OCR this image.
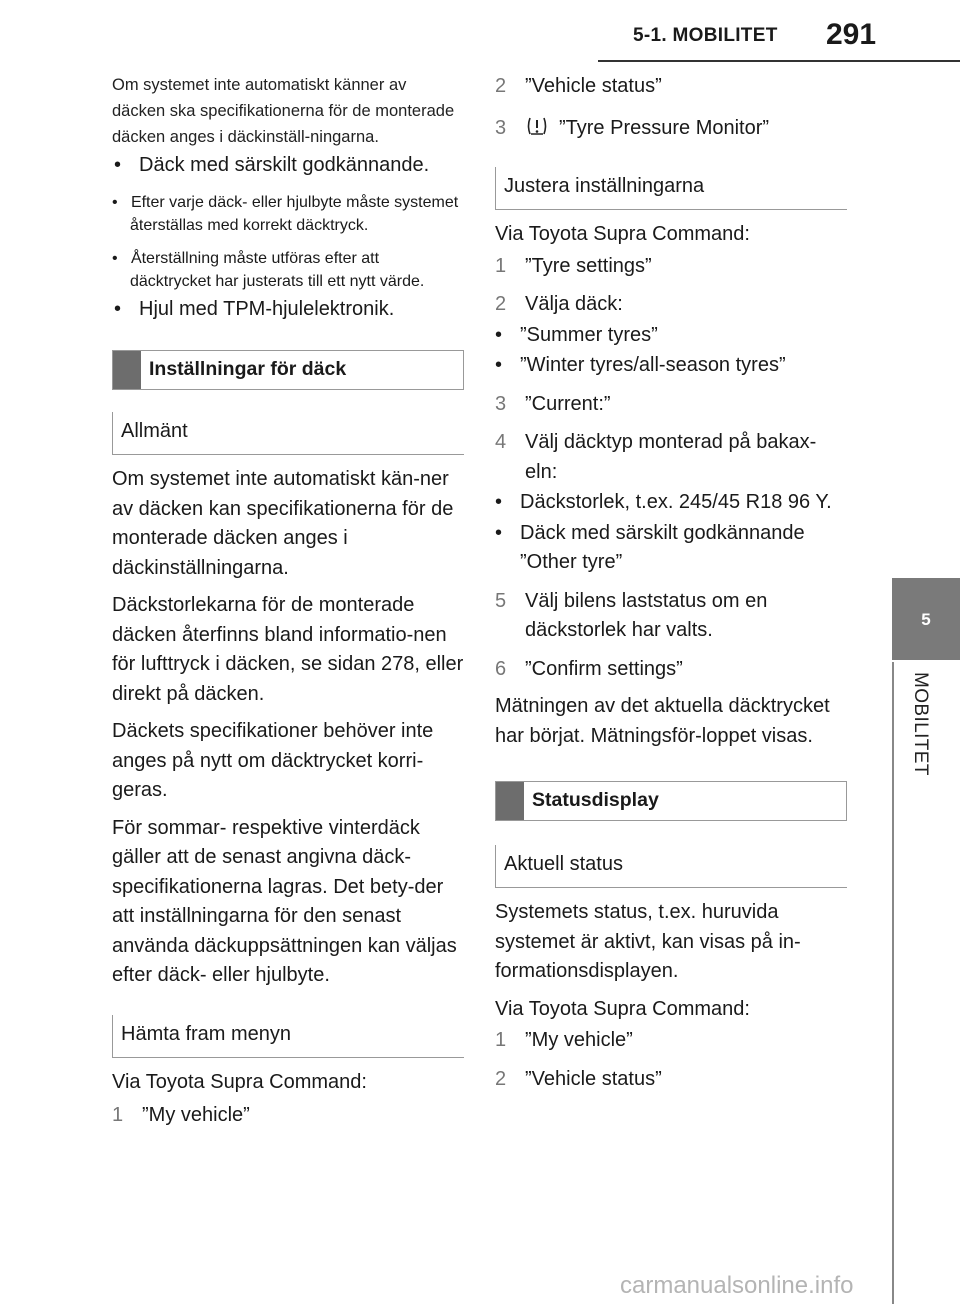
5-1. MOBILITET 291
5
MOBILITET

Om systemet inte automatiskt känner av däcken ska specifikationerna för de monterade däcken anges i däckinställ-ningarna.

• Däck med särskilt godkännande.

•   Efter varje däck- eller hjulbyte måste systemet återställas med korrekt däcktryck.

•   Återställning måste utföras efter att däcktrycket har justerats till ett nytt värde.

• Hjul med TPM-hjulelektronik.
Inställningar för däck
Allmänt

Om systemet inte automatiskt kän-ner av däcken kan specifikationerna för de monterade däcken anges i däckinställningarna.

Däckstorlekarna för de monterade däcken återfinns bland informatio-nen för lufttryck i däcken, se sidan 278, eller direkt på däcken.

Däckets specifikationer behöver inte anges på nytt om däcktrycket korri-geras.

För sommar- respektive vinterdäck gäller att de senast angivna däck-specifikationerna lagras. Det bety-der att inställningarna för den senast använda däckuppsättningen kan väljas efter däck- eller hjulbyte.

Hämta fram menyn

Via Toyota Supra Command:

1 ”My vehicle”
2 ”Vehicle status”
3	”Tyre Pressure Monitor”
Justera inställningarna

Via Toyota Supra Command:

1 ”Tyre settings”
2 Välja däck:
• ”Summer tyres”
• ”Winter tyres/all-season tyres”
3 ”Current:”
4 Välj däcktyp monterad på bakax-eln:
• Däckstorlek, t.ex. 245/45 R18 96 Y.
• Däck med särskilt godkännande ”Other tyre”
5 Välj bilens laststatus om en däckstorlek har valts.
6 ”Confirm settings”

Mätningen av det aktuella däcktrycket har börjat. Mätningsför-loppet visas.

Statusdisplay
Aktuell status

Systemets status, t.ex. huruvida systemet är aktivt, kan visas på in-formationsdisplayen.

Via Toyota Supra Command:

1 ”My vehicle”
2 ”Vehicle status”
carmanualsonline.info
